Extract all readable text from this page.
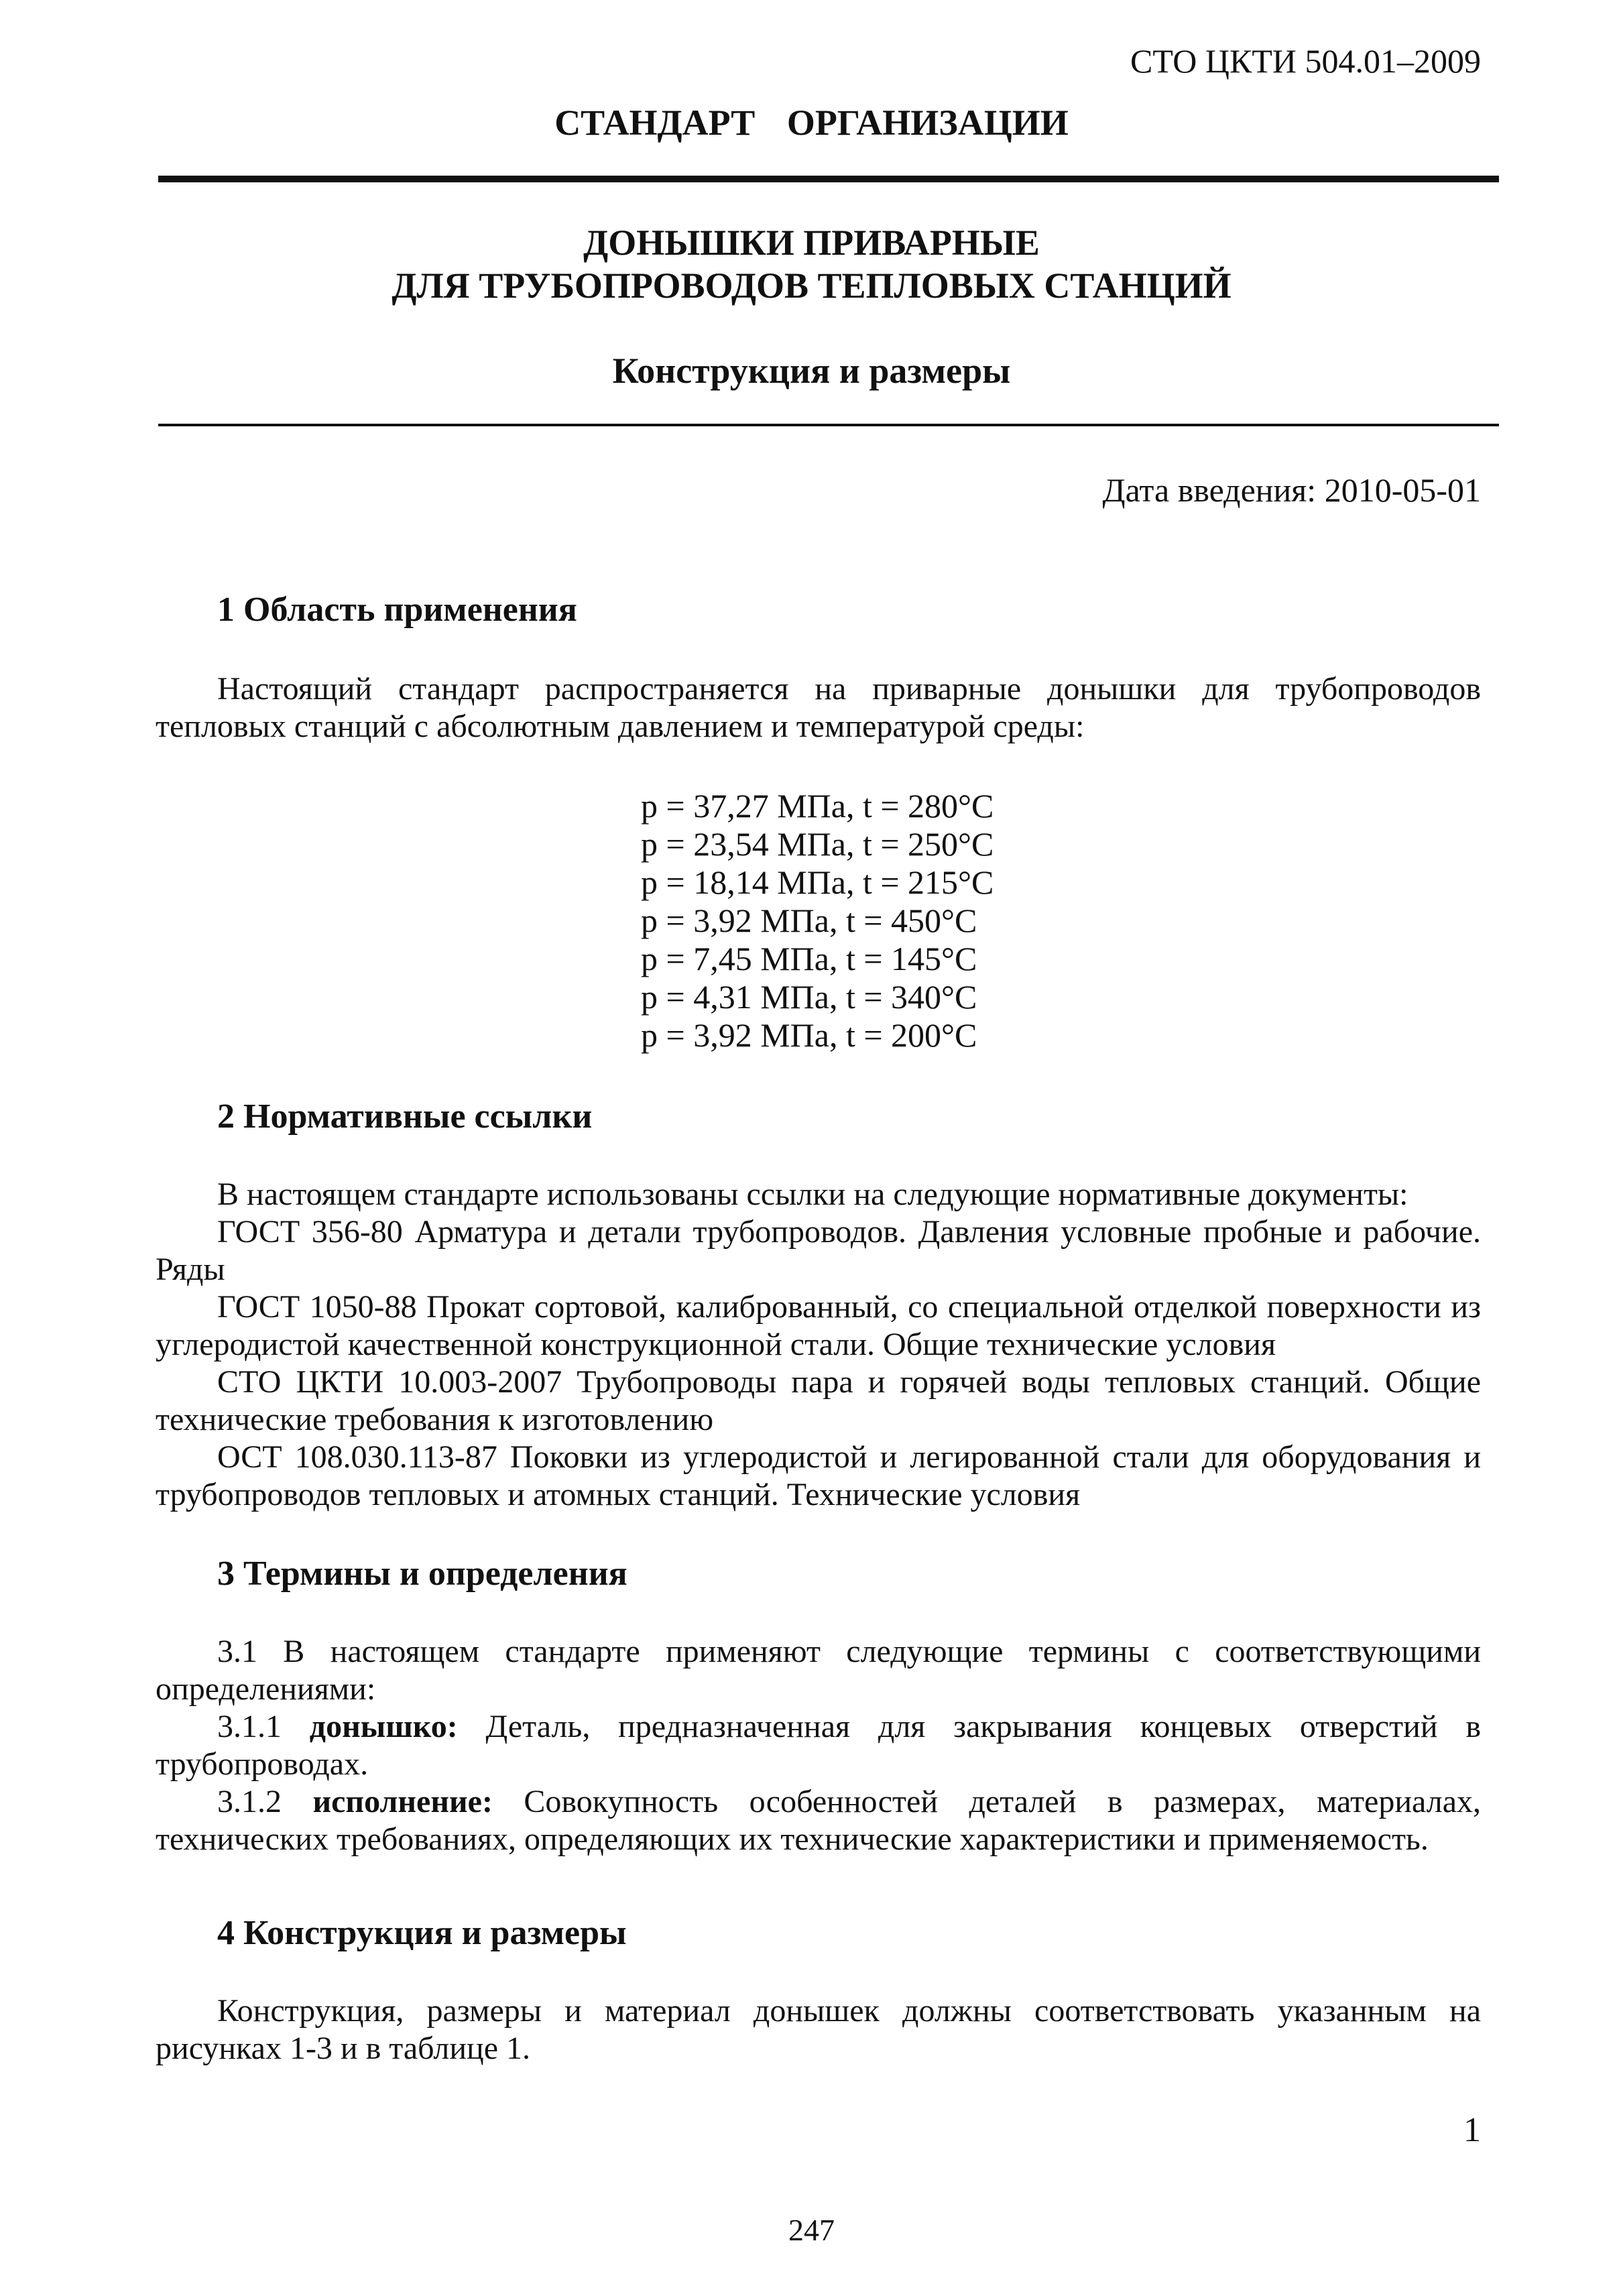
СТО ЦКТИ 504.01–2009
СТАНДАРТ ОРГАНИЗАЦИИ
ДОНЫШКИ ПРИВАРНЫЕ
ДЛЯ ТРУБОПРОВОДОВ ТЕПЛОВЫХ СТАНЦИЙ
Конструкция и размеры
Дата введения: 2010-05-01
1 Область применения

Настоящий стандарт распространяется на приварные донышки для трубопроводов тепловых станций с абсолютным давлением и температурой среды:

p = 37,27 МПа, t = 280°С
p = 23,54 МПа, t = 250°С
p = 18,14 МПа, t = 215°С
p = 3,92 МПа, t = 450°С
p = 7,45 МПа, t = 145°С
p = 4,31 МПа, t = 340°С
p = 3,92 МПа, t = 200°С
2 Нормативные ссылки

В настоящем стандарте использованы ссылки на следующие нормативные документы:

ГОСТ 356-80 Арматура и детали трубопроводов. Давления условные пробные и рабочие. Ряды

ГОСТ 1050-88 Прокат сортовой, калиброванный, со специальной отделкой поверхности из углеродистой качественной конструкционной стали. Общие технические условия

СТО ЦКТИ 10.003-2007 Трубопроводы пара и горячей воды тепловых станций. Общие технические требования к изготовлению

ОСТ 108.030.113-87 Поковки из углеродистой и легированной стали для оборудования и трубопроводов тепловых и атомных станций. Технические условия

3 Термины и определения

3.1 В настоящем стандарте применяют следующие термины с соответствующими определениями:

3.1.1 донышко: Деталь, предназначенная для закрывания концевых отверстий в трубопроводах.

3.1.2 исполнение: Совокупность особенностей деталей в размерах, материалах, технических требованиях, определяющих их технические характеристики и применяемость.

4 Конструкция и размеры

Конструкция, размеры и материал донышек должны соответствовать указанным на рисунках 1-3 и в таблице 1.

1
247
